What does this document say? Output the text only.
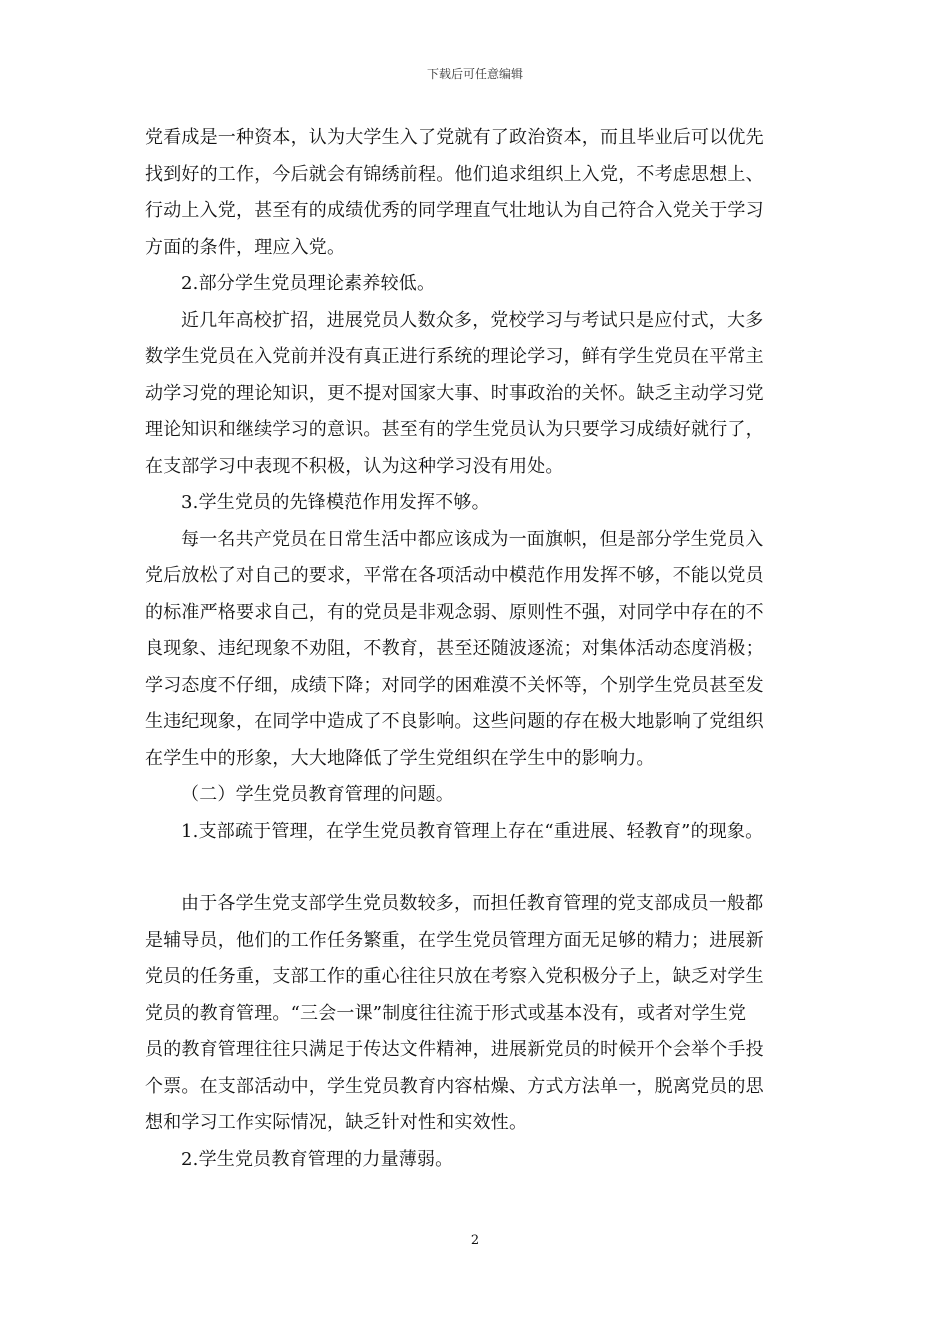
下载后可任意编辑
党看成是一种资本，认为大学生入了党就有了政治资本，而且毕业后可以优先
找到好的工作，今后就会有锦绣前程。他们追求组织上入党，不考虑思想上、
行动上入党，甚至有的成绩优秀的同学理直气壮地认为自己符合入党关于学习
方面的条件，理应入党。
2.部分学生党员理论素养较低。
近几年高校扩招，进展党员人数众多，党校学习与考试只是应付式，大多
数学生党员在入党前并没有真正进行系统的理论学习，鲜有学生党员在平常主
动学习党的理论知识，更不提对国家大事、时事政治的关怀。缺乏主动学习党
理论知识和继续学习的意识。甚至有的学生党员认为只要学习成绩好就行了，
在支部学习中表现不积极，认为这种学习没有用处。
3.学生党员的先锋模范作用发挥不够。
每一名共产党员在日常生活中都应该成为一面旗帜，但是部分学生党员入
党后放松了对自己的要求，平常在各项活动中模范作用发挥不够，不能以党员
的标准严格要求自己，有的党员是非观念弱、原则性不强，对同学中存在的不
良现象、违纪现象不劝阻，不教育，甚至还随波逐流；对集体活动态度消极；
学习态度不仔细，成绩下降；对同学的困难漠不关怀等，个别学生党员甚至发
生违纪现象，在同学中造成了不良影响。这些问题的存在极大地影响了党组织
在学生中的形象，大大地降低了学生党组织在学生中的影响力。
（二）学生党员教育管理的问题。
1.支部疏于管理，在学生党员教育管理上存在“重进展、轻教育”的现象。
由于各学生党支部学生党员数较多，而担任教育管理的党支部成员一般都
是辅导员，他们的工作任务繁重，在学生党员管理方面无足够的精力；进展新
党员的任务重，支部工作的重心往往只放在考察入党积极分子上，缺乏对学生
党员的教育管理。“三会一课”制度往往流于形式或基本没有，或者对学生党
员的教育管理往往只满足于传达文件精神，进展新党员的时候开个会举个手投
个票。在支部活动中，学生党员教育内容枯燥、方式方法单一，脱离党员的思
想和学习工作实际情况，缺乏针对性和实效性。
2.学生党员教育管理的力量薄弱。
2
